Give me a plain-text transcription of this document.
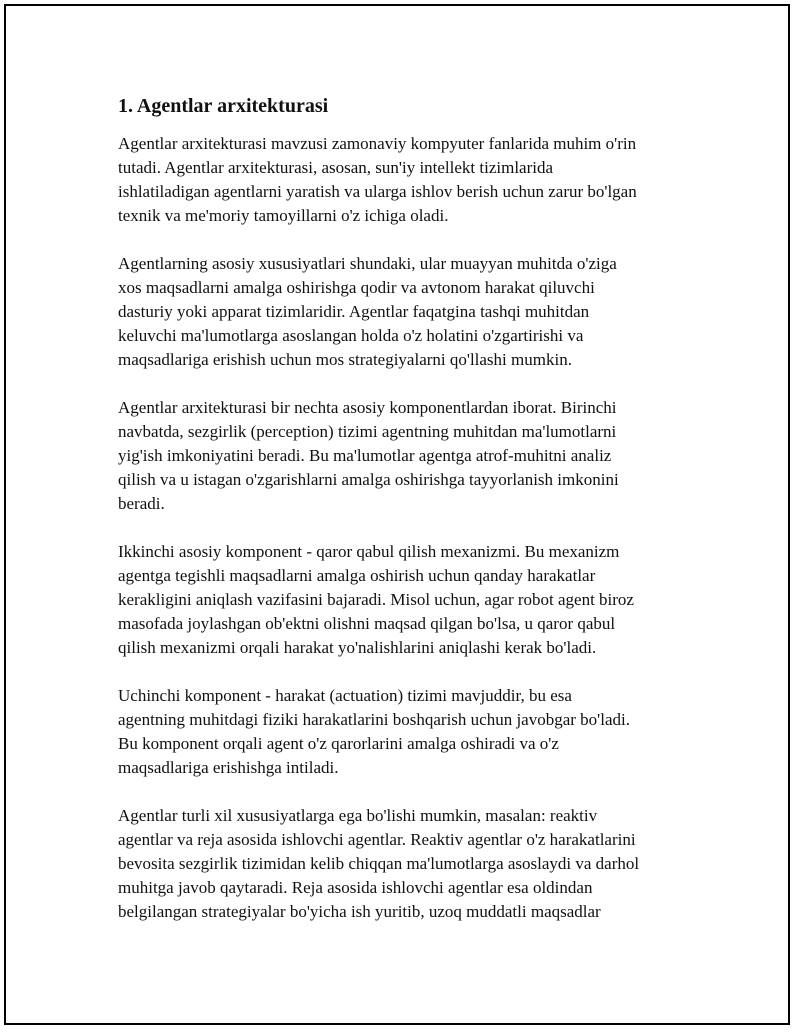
1. Agentlar arxitekturasi

Agentlar arxitekturasi mavzusi zamonaviy kompyuter fanlarida muhim o'rin
tutadi. Agentlar arxitekturasi, asosan, sun'iy intellekt tizimlarida
ishlatiladigan agentlarni yaratish va ularga ishlov berish uchun zarur bo'lgan
texnik va me'moriy tamoyillarni o'z ichiga oladi.

Agentlarning asosiy xususiyatlari shundaki, ular muayyan muhitda o'ziga
xos maqsadlarni amalga oshirishga qodir va avtonom harakat qiluvchi
dasturiy yoki apparat tizimlaridir. Agentlar faqatgina tashqi muhitdan
keluvchi ma'lumotlarga asoslangan holda o'z holatini o'zgartirishi va
maqsadlariga erishish uchun mos strategiyalarni qo'llashi mumkin.

Agentlar arxitekturasi bir nechta asosiy komponentlardan iborat. Birinchi
navbatda, sezgirlik (perception) tizimi agentning muhitdan ma'lumotlarni
yig'ish imkoniyatini beradi. Bu ma'lumotlar agentga atrof-muhitni analiz
qilish va u istagan o'zgarishlarni amalga oshirishga tayyorlanish imkonini
beradi.

Ikkinchi asosiy komponent - qaror qabul qilish mexanizmi. Bu mexanizm
agentga tegishli maqsadlarni amalga oshirish uchun qanday harakatlar
kerakligini aniqlash vazifasini bajaradi. Misol uchun, agar robot agent biroz
masofada joylashgan ob'ektni olishni maqsad qilgan bo'lsa, u qaror qabul
qilish mexanizmi orqali harakat yo'nalishlarini aniqlashi kerak bo'ladi.

Uchinchi komponent - harakat (actuation) tizimi mavjuddir, bu esa
agentning muhitdagi fiziki harakatlarini boshqarish uchun javobgar bo'ladi.
Bu komponent orqali agent o'z qarorlarini amalga oshiradi va o'z
maqsadlariga erishishga intiladi.

Agentlar turli xil xususiyatlarga ega bo'lishi mumkin, masalan: reaktiv
agentlar va reja asosida ishlovchi agentlar. Reaktiv agentlar o'z harakatlarini
bevosita sezgirlik tizimidan kelib chiqqan ma'lumotlarga asoslaydi va darhol
muhitga javob qaytaradi. Reja asosida ishlovchi agentlar esa oldindan
belgilangan strategiyalar bo'yicha ish yuritib, uzoq muddatli maqsadlar
